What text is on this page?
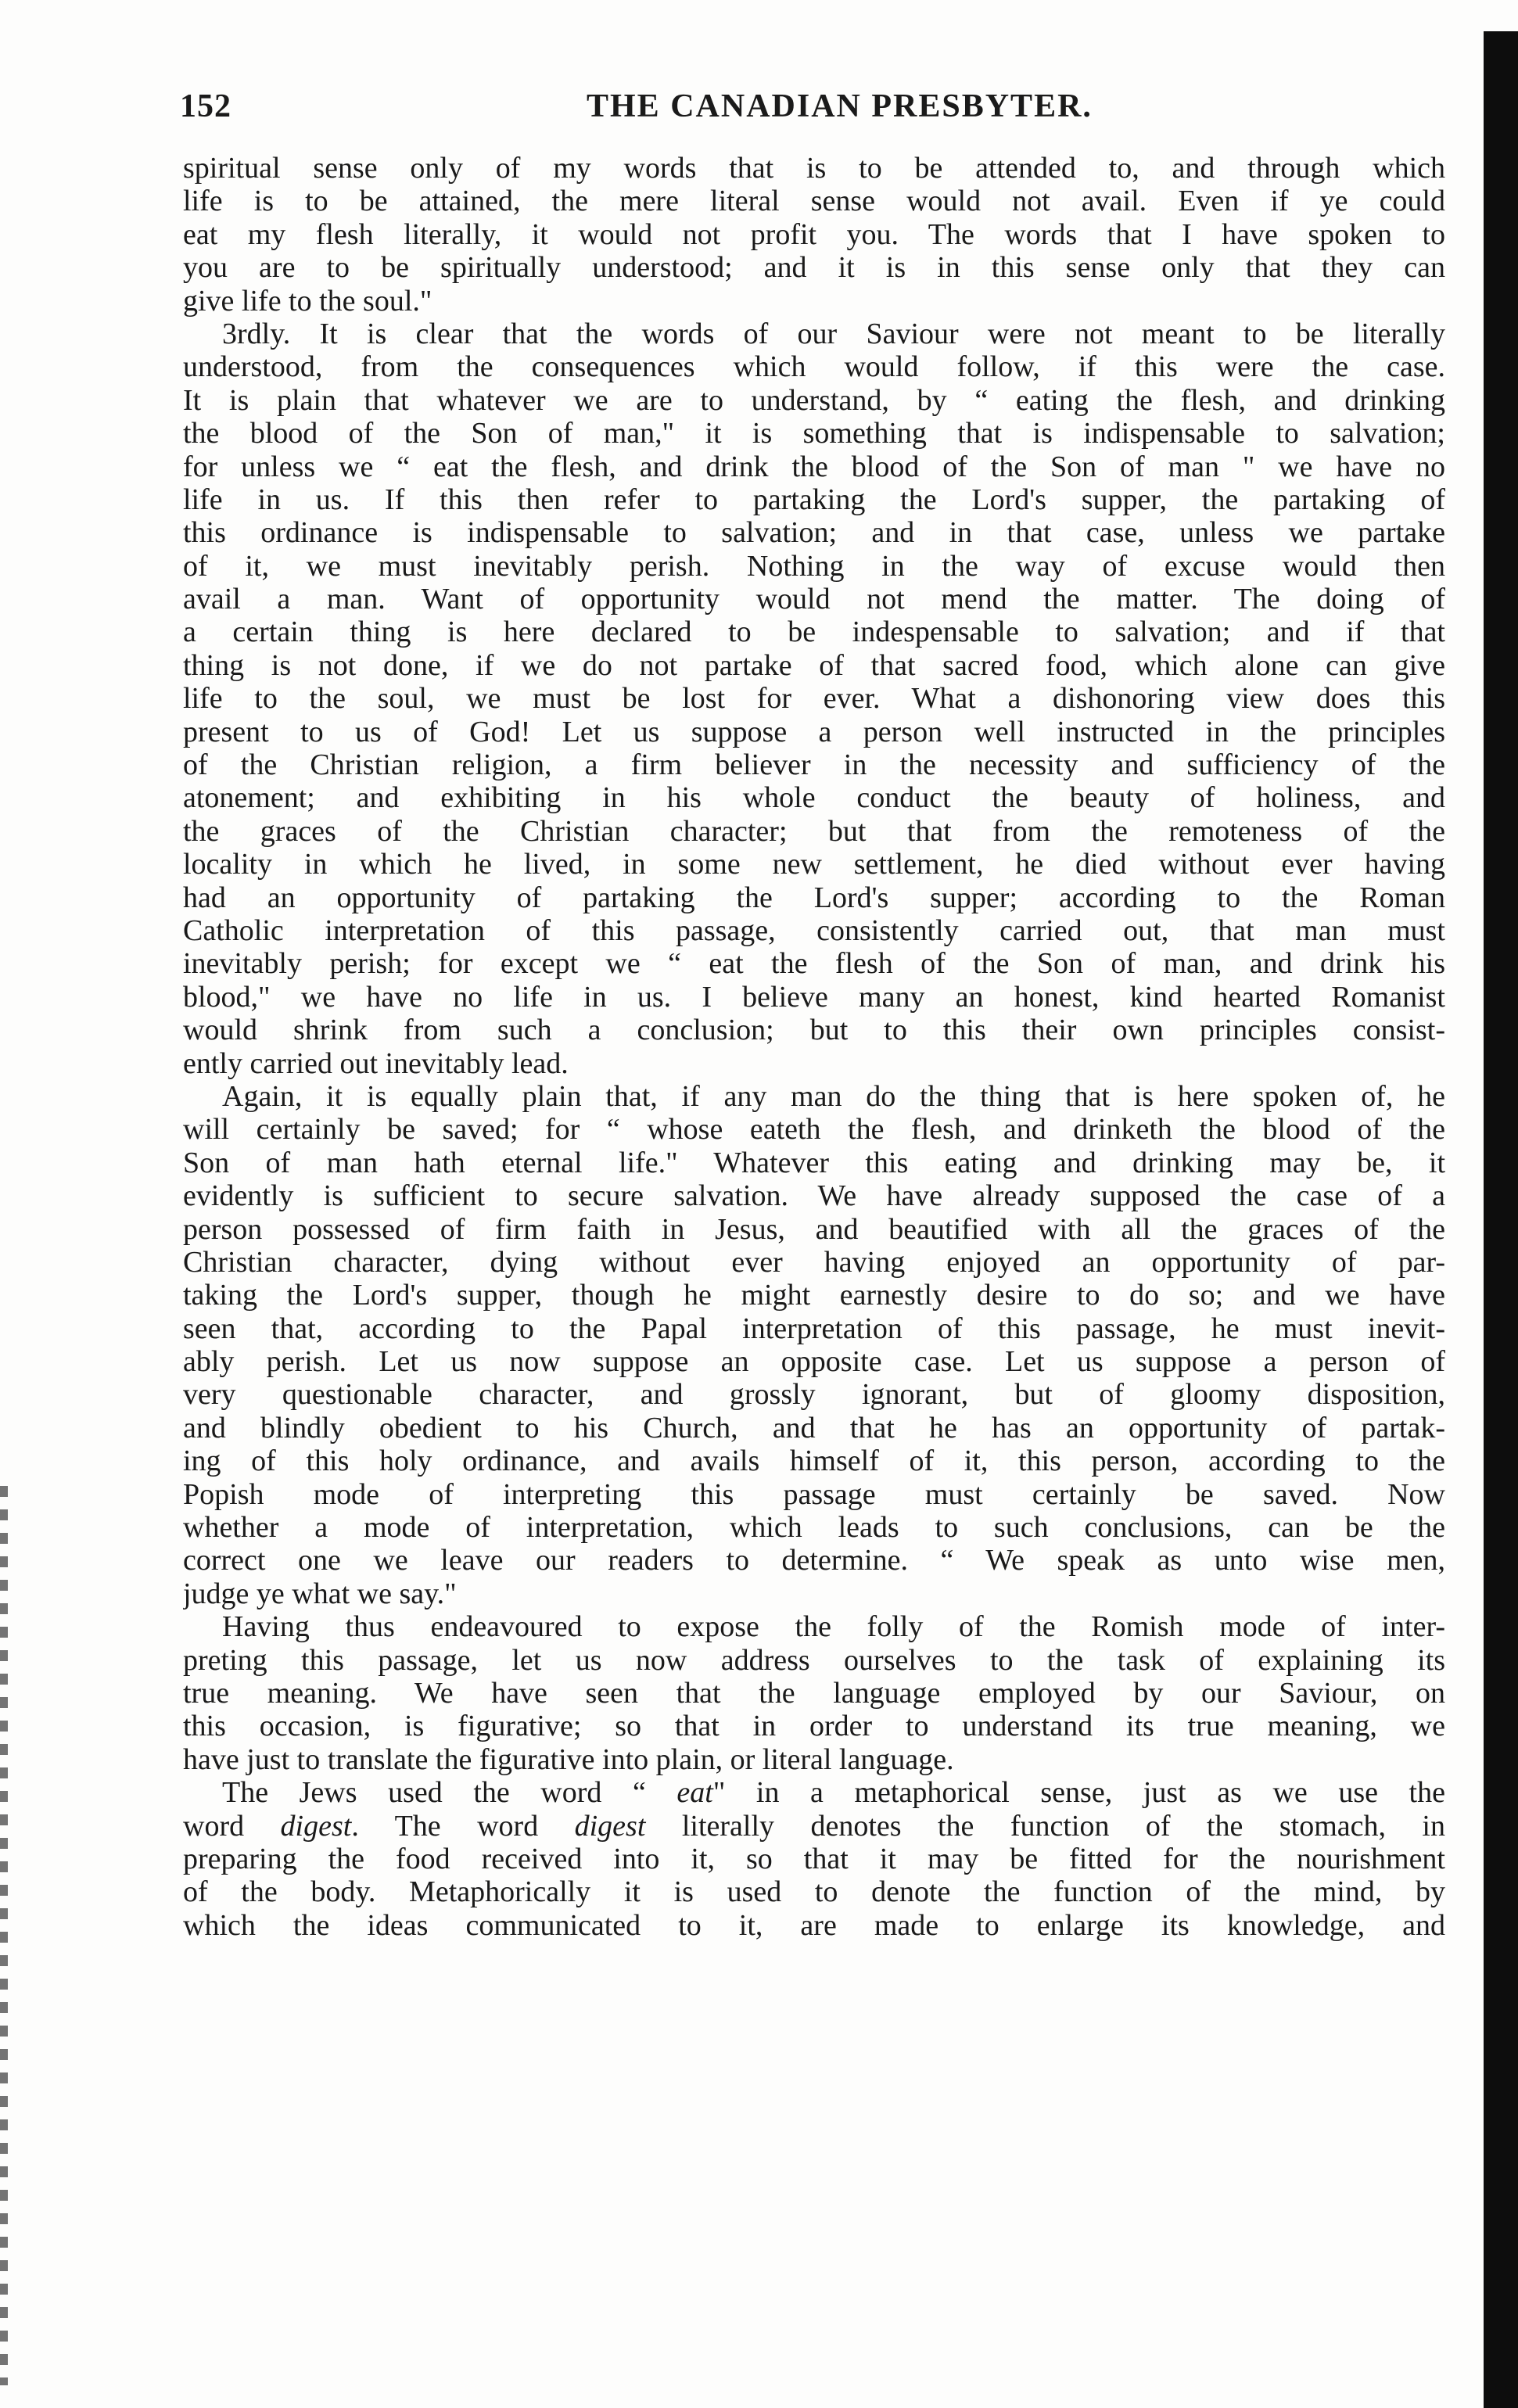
152	THE CANADIAN PRESBYTER.
spiritual sense only of my words that is to be attended to, and through which
life is to be attained, the mere literal sense would not avail. Even if ye could
eat my flesh literally, it would not profit you. The words that I have spoken to
you are to be spiritually understood; and it is in this sense only that they can
give life to the soul."
3rdly. It is clear that the words of our Saviour were not meant to be literally
understood, from the consequences which would follow, if this were the case.
It is plain that whatever we are to understand, by “ eating the flesh, and drinking
the blood of the Son of man," it is something that is indispensable to salvation;
for unless we “ eat the flesh, and drink the blood of the Son of man " we have no
life in us. If this then refer to partaking the Lord's supper, the partaking of
this ordinance is indispensable to salvation; and in that case, unless we partake
of it, we must inevitably perish. Nothing in the way of excuse would then
avail a man. Want of opportunity would not mend the matter. The doing of
a certain thing is here declared to be indespensable to salvation; and if that
thing is not done, if we do not partake of that sacred food, which alone can give
life to the soul, we must be lost for ever. What a dishonoring view does this
present to us of God! Let us suppose a person well instructed in the principles
of the Christian religion, a firm believer in the necessity and sufficiency of the
atonement; and exhibiting in his whole conduct the beauty of holiness, and
the graces of the Christian character; but that from the remoteness of the
locality in which he lived, in some new settlement, he died without ever having
had an opportunity of partaking the Lord's supper; according to the Roman
Catholic interpretation of this passage, consistently carried out, that man must
inevitably perish; for except we “ eat the flesh of the Son of man, and drink his
blood," we have no life in us. I believe many an honest, kind hearted Romanist
would shrink from such a conclusion; but to this their own principles consist-
ently carried out inevitably lead.
Again, it is equally plain that, if any man do the thing that is here spoken of, he
will certainly be saved; for “ whose eateth the flesh, and drinketh the blood of the
Son of man hath eternal life." Whatever this eating and drinking may be, it
evidently is sufficient to secure salvation. We have already supposed the case of a
person possessed of firm faith in Jesus, and beautified with all the graces of the
Christian character, dying without ever having enjoyed an opportunity of par-
taking the Lord's supper, though he might earnestly desire to do so; and we have
seen that, according to the Papal interpretation of this passage, he must inevit-
ably perish. Let us now suppose an opposite case. Let us suppose a person of
very questionable character, and grossly ignorant, but of gloomy disposition,
and blindly obedient to his Church, and that he has an opportunity of partak-
ing of this holy ordinance, and avails himself of it, this person, according to the
Popish mode of interpreting this passage must certainly be saved. Now
whether a mode of interpretation, which leads to such conclusions, can be the
correct one we leave our readers to determine. “ We speak as unto wise men,
judge ye what we say."
Having thus endeavoured to expose the folly of the Romish mode of inter-
preting this passage, let us now address ourselves to the task of explaining its
true meaning. We have seen that the language employed by our Saviour, on
this occasion, is figurative; so that in order to understand its true meaning, we
have just to translate the figurative into plain, or literal language.
The Jews used the word “ eat" in a metaphorical sense, just as we use the
word digest. The word digest literally denotes the function of the stomach, in
preparing the food received into it, so that it may be fitted for the nourishment
of the body. Metaphorically it is used to denote the function of the mind, by
which the ideas communicated to it, are made to enlarge its knowledge, and
